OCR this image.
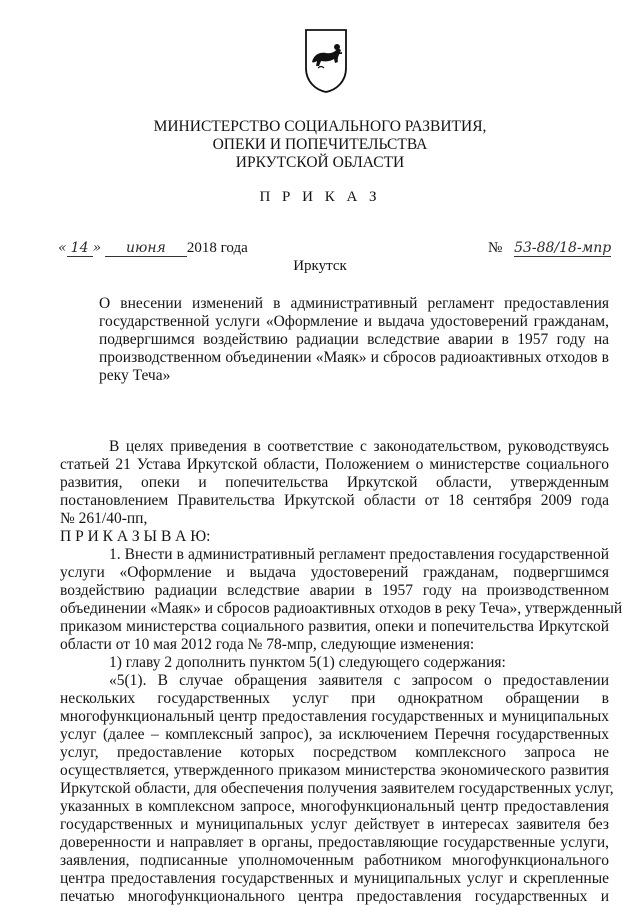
МИНИСТЕРСТВО СОЦИАЛЬНОГО РАЗВИТИЯ,
ОПЕКИ И ПОПЕЧИТЕЛЬСТВА
ИРКУТСКОЙ ОБЛАСТИ
П Р И К А З
« 14 » июня 2018 года	№ 53-88/18-мпр
Иркутск
О внесении изменений в административный регламент предоставления
государственной услуги «Оформление и выдача удостоверений гражданам,
подвергшимся воздействию радиации вследствие аварии в 1957 году на
производственном объединении «Маяк» и сбросов радиоактивных отходов в
реку Теча»
В целях приведения в соответствие с законодательством, руководствуясь
статьей 21 Устава Иркутской области, Положением о министерстве социального
развития, опеки и попечительства Иркутской области, утвержденным
постановлением Правительства Иркутской области от 18 сентября 2009 года
№ 261/40-пп,
П Р И К А З Ы В А Ю:
1. Внести в административный регламент предоставления государственной
услуги «Оформление и выдача удостоверений гражданам, подвергшимся
воздействию радиации вследствие аварии в 1957 году на производственном
объединении «Маяк» и сбросов радиоактивных отходов в реку Теча», утвержденный
приказом министерства социального развития, опеки и попечительства Иркутской
области от 10 мая 2012 года № 78-мпр, следующие изменения:
1) главу 2 дополнить пунктом 5(1) следующего содержания:
«5(1). В случае обращения заявителя с запросом о предоставлении
нескольких государственных услуг при однократном обращении в
многофункциональный центр предоставления государственных и муниципальных
услуг (далее – комплексный запрос), за исключением Перечня государственных
услуг, предоставление которых посредством комплексного запроса не
осуществляется, утвержденного приказом министерства экономического развития
Иркутской области, для обеспечения получения заявителем государственных услуг,
указанных в комплексном запросе, многофункциональный центр предоставления
государственных и муниципальных услуг действует в интересах заявителя без
доверенности и направляет в органы, предоставляющие государственные услуги,
заявления, подписанные уполномоченным работником многофункционального
центра предоставления государственных и муниципальных услуг и скрепленные
печатью многофункционального центра предоставления государственных и
